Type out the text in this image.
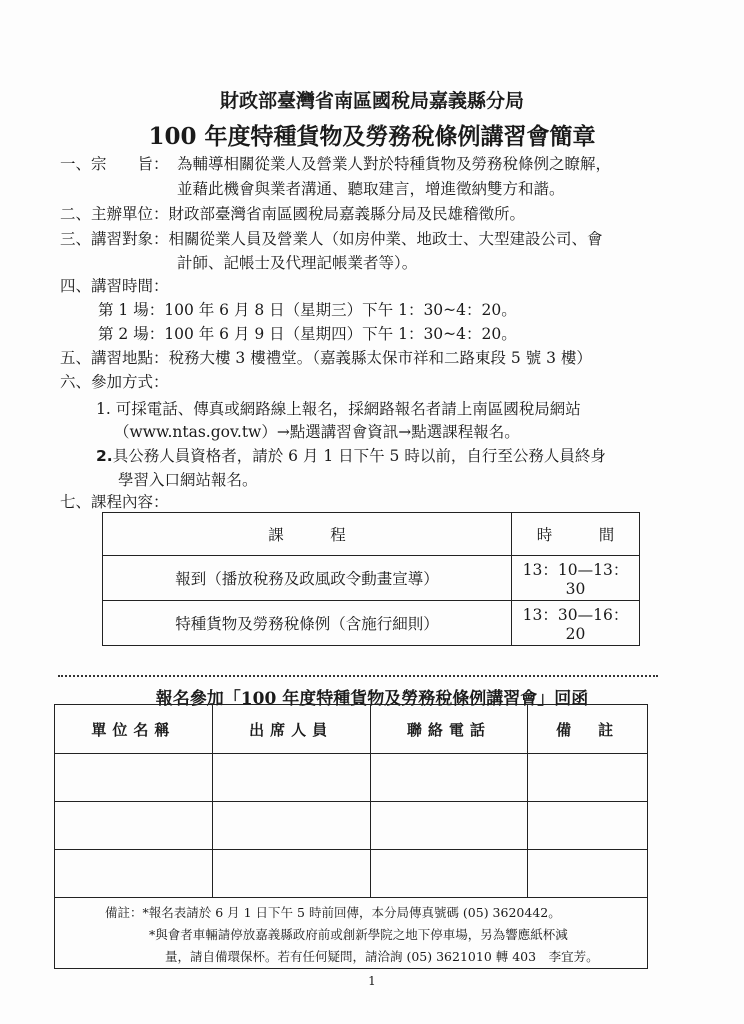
財政部臺灣省南區國稅局嘉義縣分局
100 年度特種貨物及勞務稅條例講習會簡章
一、宗　　旨： 為輔導相關從業人及營業人對於特種貨物及勞務稅條例之瞭解，
並藉此機會與業者溝通、聽取建言，增進徵納雙方和諧。
二、主辦單位：財政部臺灣省南區國稅局嘉義縣分局及民雄稽徵所。
三、講習對象：相關從業人員及營業人（如房仲業、地政士、大型建設公司、會
計師、記帳士及代理記帳業者等）。
四、講習時間：
第 1 場：100 年 6 月 8 日（星期三）下午 1：30~4：20。
第 2 場：100 年 6 月 9 日（星期四）下午 1：30~4：20。
五、講習地點：稅務大樓 3 樓禮堂。（嘉義縣太保市祥和二路東段 5 號 3 樓）
六、參加方式：
1. 可採電話、傳真或網路線上報名，採網路報名者請上南區國稅局網站
（www.ntas.gov.tw）→點選講習會資訊→點選課程報名。
2.具公務人員資格者，請於 6 月 1 日下午 5 時以前，自行至公務人員終身
學習入口網站報名。
七、課程內容：
課　　　程	時　　　間
報到（播放稅務及政風政令動畫宣導）	13：10—13：30
特種貨物及勞務稅條例（含施行細則）	13：30—16：20
報名參加「100 年度特種貨物及勞務稅條例講習會」回函
單位名稱	出席人員	聯絡電話	備　註

備註：*報名表請於 6 月 1 日下午 5 時前回傳，本分局傳真號碼 (05) 3620442。
*與會者車輛請停放嘉義縣政府前或創新學院之地下停車場，另為響應紙杯減
量，請自備環保杯。若有任何疑問，請洽詢 (05) 3621010 轉 403　李宜芳。			
1
